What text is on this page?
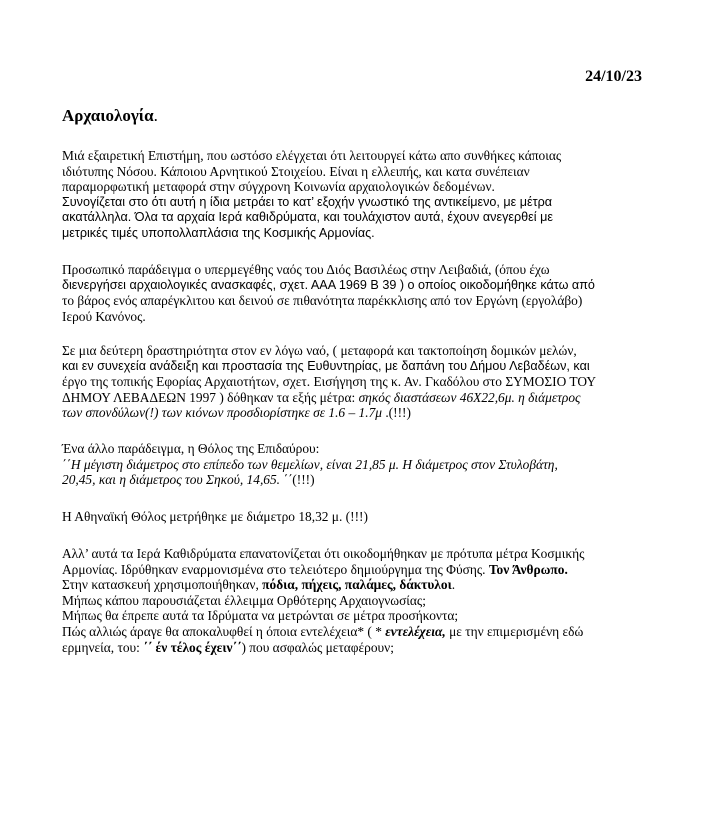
24/10/23
Αρχαιολογία.
Μιά εξαιρετική Επιστήμη, που ωστόσο ελέγχεται ότι λειτουργεί κάτω απο συνθήκες κάποιας
ιδιότυπης Νόσου. Κάποιου Αρνητικού Στοιχείου. Είναι η ελλειπής, και κατα συνέπειαν
παραμορφωτική μεταφορά στην σύγχρονη Κοινωνία αρχαιολογικών δεδομένων.
Συνογίζεται στο ότι αυτή η ίδια μετράει το κατ’ εξοχήν γνωστικό της αντικείμενο, με μέτρα
ακατάλληλα. Όλα τα αρχαία Ιερά καθιδρύματα, και τουλάχιστον αυτά, έχουν ανεγερθεί με
μετρικές τιμές υποπολλαπλάσια της Κοσμικής Αρμονίας.
Προσωπικό παράδειγμα ο υπερμεγέθης ναός του Διός Βασιλέως στην Λειβαδιά, (όπου έχω
διενεργήσει αρχαιολογικές ανασκαφές, σχετ. ΑΑΑ 1969 Β 39 ) ο οποίος οικοδομήθηκε κάτω από
το βάρος ενός απαρέγκλιτου και δεινού σε πιθανότητα παρέκκλισης από τον Εργώνη (εργολάβο)
Ιερού Κανόνος.
Σε μια δεύτερη δραστηριότητα στον εν λόγω ναό, ( μεταφορά και τακτοποίηση δομικών μελών,
και εν συνεχεία ανάδειξη και προστασία της Ευθυντηρίας, με δαπάνη του Δήμου Λεβαδέων, και
έργο της τοπικής Εφορίας Αρχαιοτήτων, σχετ. Εισήγηση της κ. Αν. Γκαδόλου στο ΣΥΜΟΣΙΟ ΤΟΥ
ΔΗΜΟΥ ΛΕΒΑΔΕΩΝ 1997 ) δόθηκαν τα εξής μέτρα: σηκός διαστάσεων 46Χ22,6μ. η διάμετρος
των σπονδύλων(!) των κιόνων προσδιορίστηκε σε 1.6 – 1.7μ .(!!!)
Ένα άλλο παράδειγμα, η Θόλος της Επιδαύρου:
΄΄Η μέγιστη διάμετρος στο επίπεδο των θεμελίων, είναι 21,85 μ. Η διάμετρος στον Στυλοβάτη,
20,45, και η διάμετρος του Σηκού, 14,65. ΄΄(!!!)
Η Αθηναϊκή Θόλος μετρήθηκε με διάμετρο 18,32 μ. (!!!)
Αλλ’ αυτά τα Ιερά Καθιδρύματα επανατονίζεται ότι οικοδομήθηκαν με πρότυπα μέτρα Κοσμικής
Αρμονίας. Ιδρύθηκαν εναρμονισμένα στο τελειότερο δημιούργημα της Φύσης. Τον Άνθρωπο.
Στην κατασκευή χρησιμοποιήθηκαν, πόδια, πήχεις, παλάμες, δάκτυλοι.
Μήπως κάπου παρουσιάζεται έλλειμμα Ορθότερης Αρχαιογνωσίας;
Μήπως θα έπρεπε αυτά τα Ιδρύματα να μετρώνται σε μέτρα προσήκοντα;
Πώς αλλιώς άραγε θα αποκαλυφθεί η όποια εντελέχεια* ( * εντελέχεια, με την επιμερισμένη εδώ
ερμηνεία, του: ΄΄ έν τέλος έχειν΄΄) που ασφαλώς μεταφέρουν;
